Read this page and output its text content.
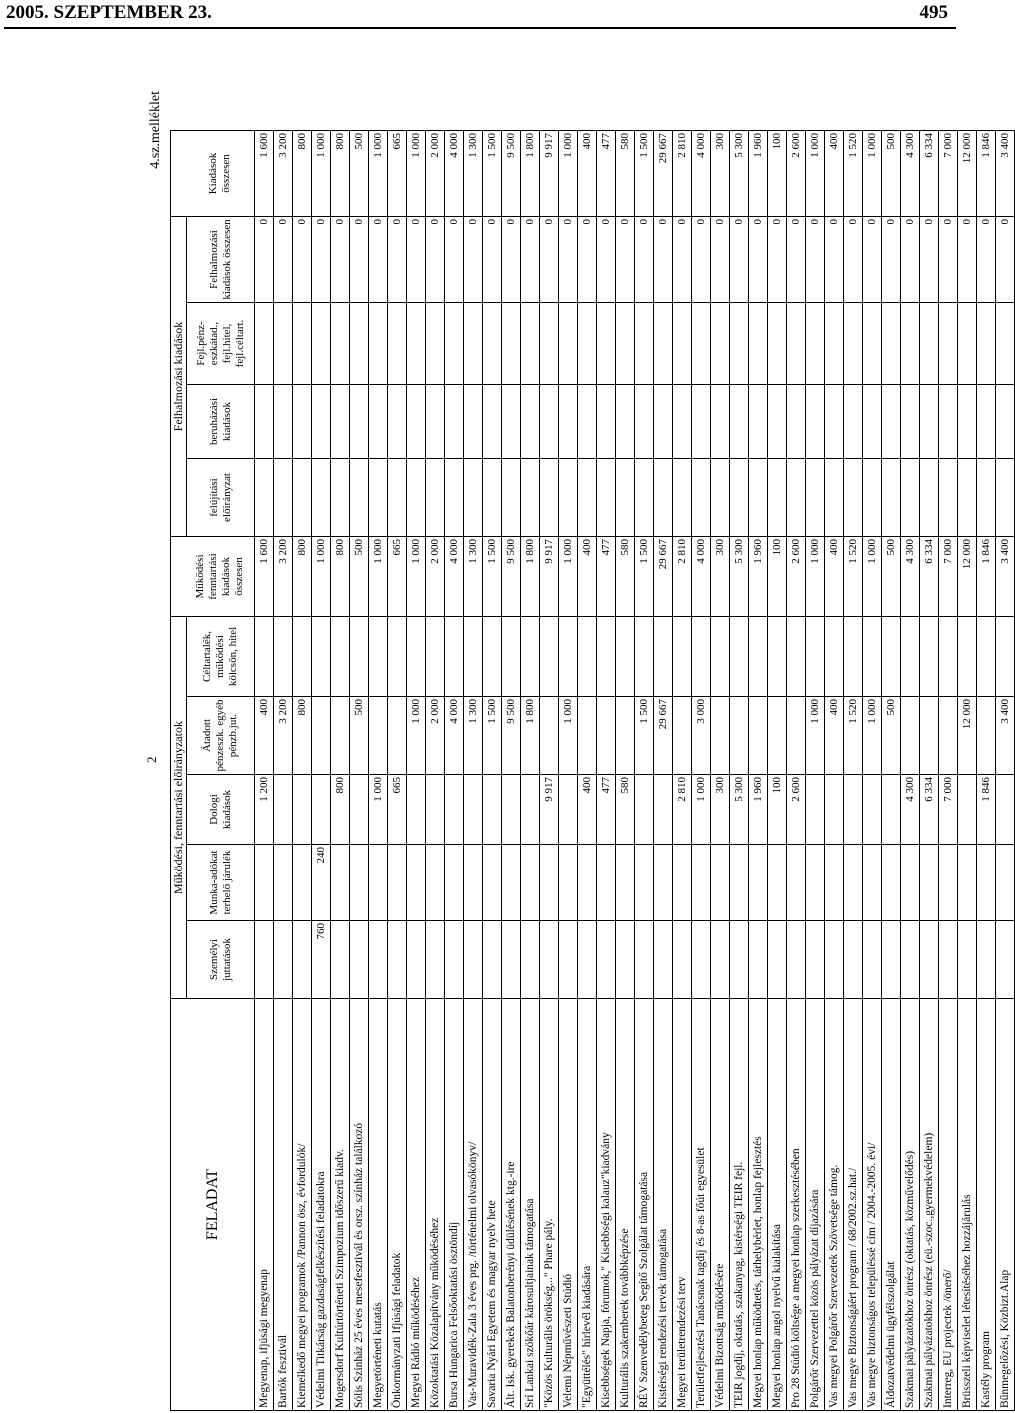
2005. SZEPTEMBER 23.	495
2
4.sz.melléklet
FELADAT	Működési, fenntartási előirányzatok						Felhalmozási kiadások				
	Személyi juttatások	Munka-adókat terhelő járulék	Dologi kiadások	Átadott pénzeszk. egyéb pénzb.jut.	Céltartalék, működési kölcsön, hitel	Működési fenntartási kiadások összesen	felújítási előirányzat	beruházási kiadások	Fejl.pénz-eszkátad., fejl.hitel, fejl.céltart.	Felhalmozási kiadások összesen	Kiadások összesen
Megyenap, ifjúsági megyenap			1 200	400		1 600				0	1 600
Bartók fesztivál				3 200		3 200				0	3 200
Kiemelkedő megyei programok /Pannon ösz, évfordulók/				800		800				0	800
Védelmi Titkárság gazdaságfelkészítési feladatokra	760	240				1 000				0	1 000
Mogersdorf Kultúrtörténeti Szimpozium időszerű kiadv.			800			800				0	800
Sólis Színház 25 éves mesefesztivál és orsz. színház találkozó				500		500				0	500
Megyetörténeti kutatás			1 000			1 000				0	1 000
Önkormányzati Ifjúsági feladatok			665			665				0	665
Megyei Rádió működéséhez				1 000		1 000				0	1 000
Közoktatási Közalapítvány működéséhez				2 000		2 000				0	2 000
Bursa Hungarica Felsőoktatási ösztöndíj				4 000		4 000				0	4 000
Vas-Muravidék-Zala 3 éves prg. /történelmi olvasókönyv/				1 300		1 300				0	1 300
Savaria Nyári Egyetem és magyar nyelv hete				1 500		1 500				0	1 500
Ált. Isk. gyerekek Balatonberényi üdülésének ktg.-ire				9 500		9 500				0	9 500
Srí Lankai szökőár károsultjainak támogatása				1 800		1 800				0	1 800
"Közös Kulturális örökség..." Phare pály.			9 917			9 917				0	9 917
Velemi Népművészeti Stúdió				1 000		1 000				0	1 000
"Együttélés" hírlevél kiadására			400			400				0	400
Kisebbségek Napja, fórumok," Kisebbségi kalauz"kiadvány			477			477				0	477
Kulturális szakemberek továbbképzése			580			580				0	580
RÉV Szenvedélybeteg Segítő Szolgálat támogatása				1 500		1 500				0	1 500
Kistérségi rendezési tervek támogatása				29 667		29 667				0	29 667
Megyei területrendezési terv			2 810			2 810				0	2 810
Területfejlesztési Tanácsnak tagdíj és 8-as főút egyesület			1 000	3 000		4 000				0	4 000
Védelmi Bizottság működésére			300			300				0	300
TEIR jogdíj, oktatás, szakanyag, kistérségi TEIR fejl.			5 300			5 300				0	5 300
Megyei honlap működtetés, tárhelybérlet, honlap fejlesztés			1 960			1 960				0	1 960
Megyei honlap angol nyelvű kialakítása			100			100				0	100
Pro 28 Stúdió költsége a megyei honlap szerkesztésében			2 600			2 600				0	2 600
Polgárőr Szervezettel közös pályázat díjazására				1 000		1 000				0	1 000
Vas megyei Polgárőr Szervezetek Szövetsége támog.				400		400				0	400
Vas megye Biztonságáért program / 68/2002.sz.hat./				1 520		1 520				0	1 520
Vas megye biztonságos településsé cím / 2004.-2005. évi/				1 000		1 000				0	1 000
Áldozatvédelmi ügyfélszolgálat				500		500				0	500
Szakmai pályázatokhoz önrész (oktatás, közművelődés)			4 300			4 300				0	4 300
Szakmai pályázatokhoz önrész (eü.-szoc.,gyermekvédelem)			6 334			6 334				0	6 334
Interreg, EU projectek /önerő/			7 000			7 000				0	7 000
Brüsszeli képviselet létesítéséhez hozzájárulás				12 000		12 000				0	12 000
Kastély program			1 846			1 846				0	1 846
Bűnmegelőzési, Közbizt.Alap				3 400		3 400				0	3 400
